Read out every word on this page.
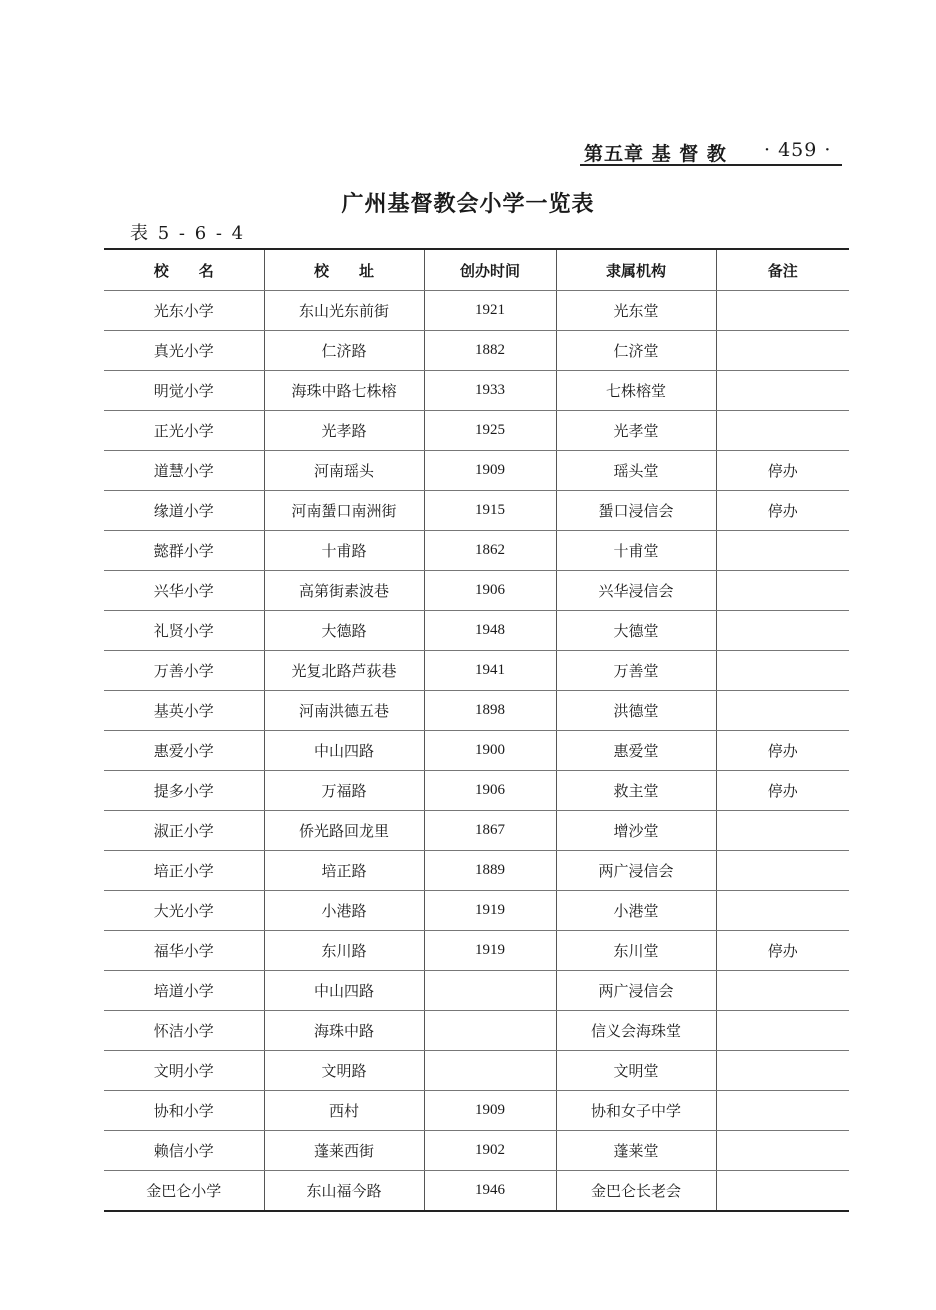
第五章 基 督 教 · 459 ·
广州基督教会小学一览表
表 5 - 6 - 4
校　　名	校　　址	创办时间	隶属机构	备注
光东小学	东山光东前街	1921	光东堂	
真光小学	仁济路	1882	仁济堂	
明觉小学	海珠中路七株榕	1933	七株榕堂	
正光小学	光孝路	1925	光孝堂	
道慧小学	河南瑶头	1909	瑶头堂	停办
缘道小学	河南蜑口南洲街	1915	蜑口浸信会	停办
懿群小学	十甫路	1862	十甫堂	
兴华小学	高第街素波巷	1906	兴华浸信会	
礼贤小学	大德路	1948	大德堂	
万善小学	光复北路芦荻巷	1941	万善堂	
基英小学	河南洪德五巷	1898	洪德堂	
惠爱小学	中山四路	1900	惠爱堂	停办
提多小学	万福路	1906	救主堂	停办
淑正小学	侨光路回龙里	1867	增沙堂	
培正小学	培正路	1889	两广浸信会	
大光小学	小港路	1919	小港堂	
福华小学	东川路	1919	东川堂	停办
培道小学	中山四路		两广浸信会	
怀洁小学	海珠中路		信义会海珠堂	
文明小学	文明路		文明堂	
协和小学	西村	1909	协和女子中学	
赖信小学	蓬莱西街	1902	蓬莱堂	
金巴仑小学	东山福今路	1946	金巴仑长老会	
